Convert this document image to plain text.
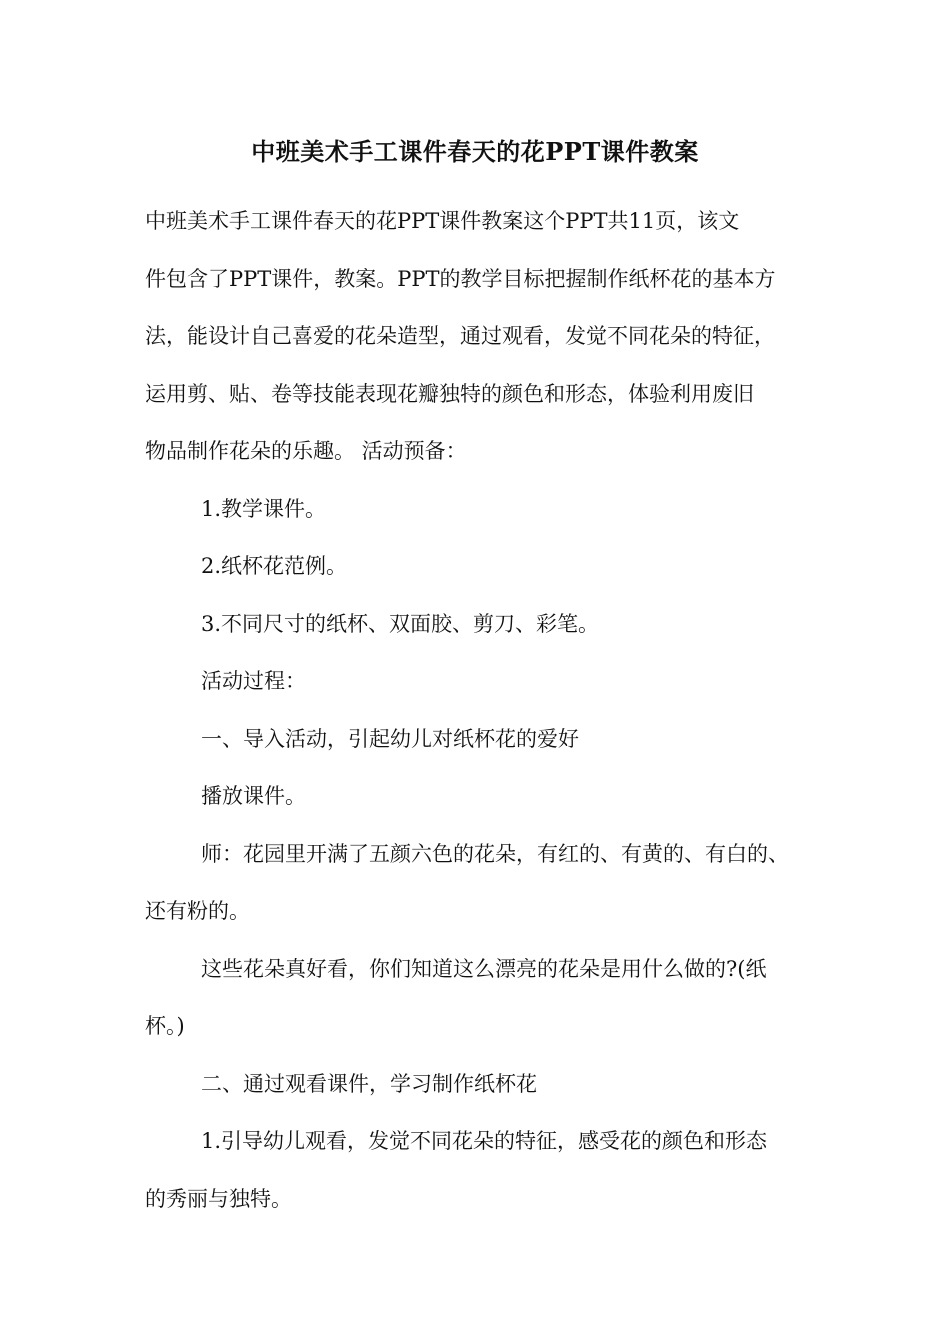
中班美术手工课件春天的花PPT课件教案
中班美术手工课件春天的花PPT课件教案这个PPT共11页，该文
件包含了PPT课件，教案。PPT的教学目标把握制作纸杯花的基本方
法，能设计自己喜爱的花朵造型，通过观看，发觉不同花朵的特征，
运用剪、贴、卷等技能表现花瓣独特的颜色和形态，体验利用废旧
物品制作花朵的乐趣。 活动预备：
1.教学课件。
2.纸杯花范例。
3.不同尺寸的纸杯、双面胶、剪刀、彩笔。
活动过程：
一、导入活动，引起幼儿对纸杯花的爱好
播放课件。
师：花园里开满了五颜六色的花朵，有红的、有黄的、有白的、
还有粉的。
这些花朵真好看，你们知道这么漂亮的花朵是用什么做的?(纸
杯。)
二、通过观看课件，学习制作纸杯花
1.引导幼儿观看，发觉不同花朵的特征，感受花的颜色和形态
的秀丽与独特。
